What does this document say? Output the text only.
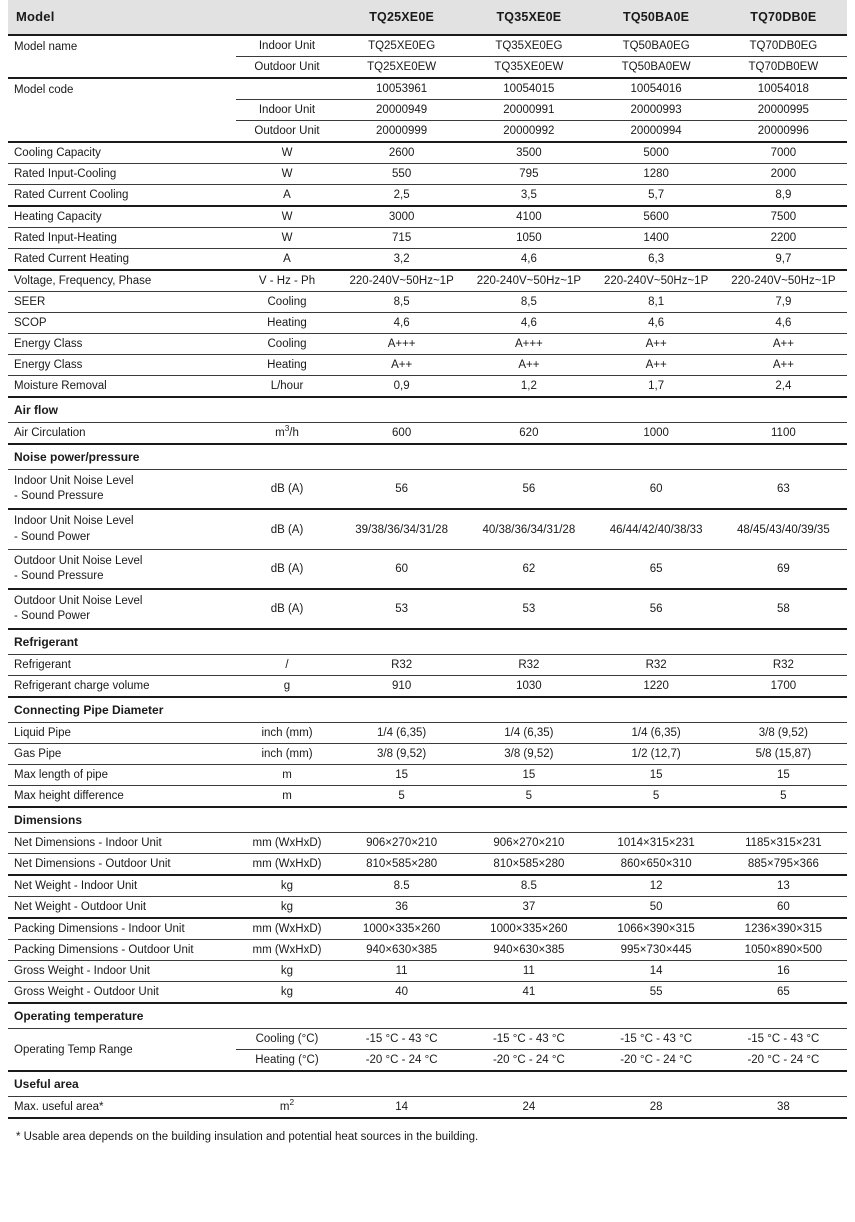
Model		TQ25XE0E	TQ35XE0E	TQ50BA0E	TQ70DB0E
Model name	Indoor Unit	TQ25XE0EG	TQ35XE0EG	TQ50BA0EG	TQ70DB0EG
	Outdoor Unit	TQ25XE0EW	TQ35XE0EW	TQ50BA0EW	TQ70DB0EW
Model code		10053961	10054015	10054016	10054018
	Indoor Unit	20000949	20000991	20000993	20000995
	Outdoor Unit	20000999	20000992	20000994	20000996
Cooling Capacity	W	2600	3500	5000	7000
Rated Input-Cooling	W	550	795	1280	2000
Rated Current Cooling	A	2,5	3,5	5,7	8,9
Heating Capacity	W	3000	4100	5600	7500
Rated Input-Heating	W	715	1050	1400	2200
Rated Current Heating	A	3,2	4,6	6,3	9,7
Voltage, Frequency, Phase	V - Hz - Ph	220-240V~50Hz~1P	220-240V~50Hz~1P	220-240V~50Hz~1P	220-240V~50Hz~1P
SEER	Cooling	8,5	8,5	8,1	7,9
SCOP	Heating	4,6	4,6	4,6	4,6
Energy Class	Cooling	A+++	A+++	A++	A++
Energy Class	Heating	A++	A++	A++	A++
Moisture Removal	L/hour	0,9	1,2	1,7	2,4
Air flow					
Air Circulation	$m^3/h$	600	620	1000	1100
Noise power/pressure					
Indoor Unit Noise Level
- Sound Pressure	dB (A)	56	56	60	63
Indoor Unit Noise Level
- Sound Power	dB (A)	39/38/36/34/31/28	40/38/36/34/31/28	46/44/42/40/38/33	48/45/43/40/39/35
Outdoor Unit Noise Level
- Sound Pressure	dB (A)	60	62	65	69
Outdoor Unit Noise Level
- Sound Power	dB (A)	53	53	56	58
Refrigerant					
Refrigerant	/	R32	R32	R32	R32
Refrigerant charge volume	g	910	1030	1220	1700
Connecting Pipe Diameter					
Liquid Pipe	inch (mm)	1/4 (6,35)	1/4 (6,35)	1/4 (6,35)	3/8 (9,52)
Gas Pipe	inch (mm)	3/8 (9,52)	3/8 (9,52)	1/2 (12,7)	5/8 (15,87)
Max length of pipe	m	15	15	15	15
Max height difference	m	5	5	5	5
Dimensions					
Net Dimensions - Indoor Unit	mm (WxHxD)	906×270×210	906×270×210	1014×315×231	1185×315×231
Net Dimensions - Outdoor Unit	mm (WxHxD)	810×585×280	810×585×280	860×650×310	885×795×366
Net Weight - Indoor Unit	kg	8.5	8.5	12	13
Net Weight - Outdoor Unit	kg	36	37	50	60
Packing Dimensions - Indoor Unit	mm (WxHxD)	1000×335×260	1000×335×260	1066×390×315	1236×390×315
Packing Dimensions - Outdoor Unit	mm (WxHxD)	940×630×385	940×630×385	995×730×445	1050×890×500
Gross Weight - Indoor Unit	kg	11	11	14	16
Gross Weight - Outdoor Unit	kg	40	41	55	65
Operating temperature					
Operating Temp Range	Cooling (°C)	-15 °C - 43 °C	-15 °C - 43 °C	-15 °C - 43 °C	-15 °C - 43 °C
	Heating (°C)	-20 °C - 24 °C	-20 °C - 24 °C	-20 °C - 24 °C	-20 °C - 24 °C
Useful area					
Max. useful area*	$m^2$	14	24	28	38
* Usable area depends on the building insulation and potential heat sources in the building.
